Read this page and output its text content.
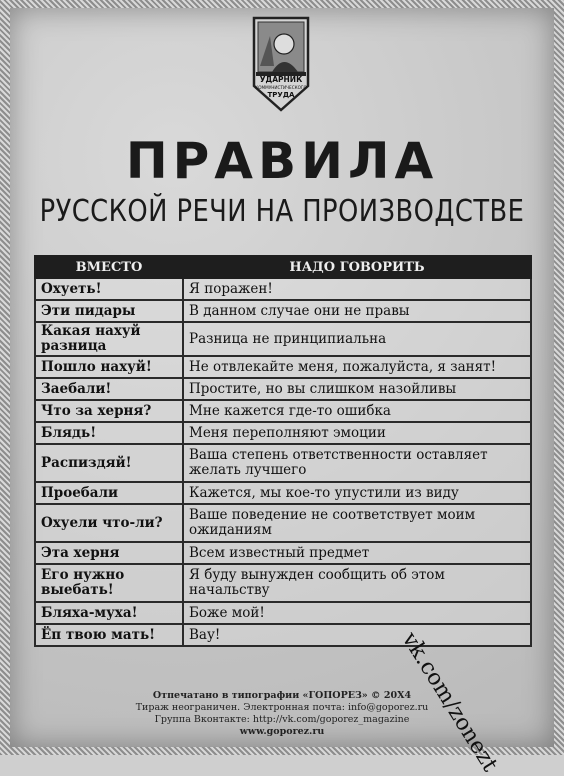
УДАРНИК
КОММУНИСТИЧЕСКОГО
ТРУДА
ПРАВИЛА
РУССКОЙ РЕЧИ НА ПРОИЗВОДСТВЕ
ВМЕСТО	НАДО ГОВОРИТЬ
Охуеть!	Я поражен!
Эти пидары	В данном случае они не правы
Какая нахуй разница	Разница не принципиальна
Пошло нахуй!	Не отвлекайте меня, пожалуйста, я занят!
Заебали!	Простите, но вы слишком назойливы
Что за херня?	Мне кажется где-то ошибка
Блядь!	Меня переполняют эмоции
Распиздяй!	Ваша степень ответственности оставляет желать лучшего
Проебали	Кажется, мы кое-то упустили из виду
Охуели что-ли?	Ваше поведение не соответствует моим ожиданиям
Эта херня	Всем известный предмет
Его нужно выебать!	Я буду вынужден сообщить об этом начальству
Бляха-муха!	Боже мой!
Ёп твою мать!	Вау!
Отпечатано в типографии «ГОПОРЕЗ» © 20Х4
Тираж неограничен. Электронная почта: info@goporez.ru
Группа Вконтакте: http://vk.com/goporez_magazine
www.goporez.ru	vk.com/zonezt
